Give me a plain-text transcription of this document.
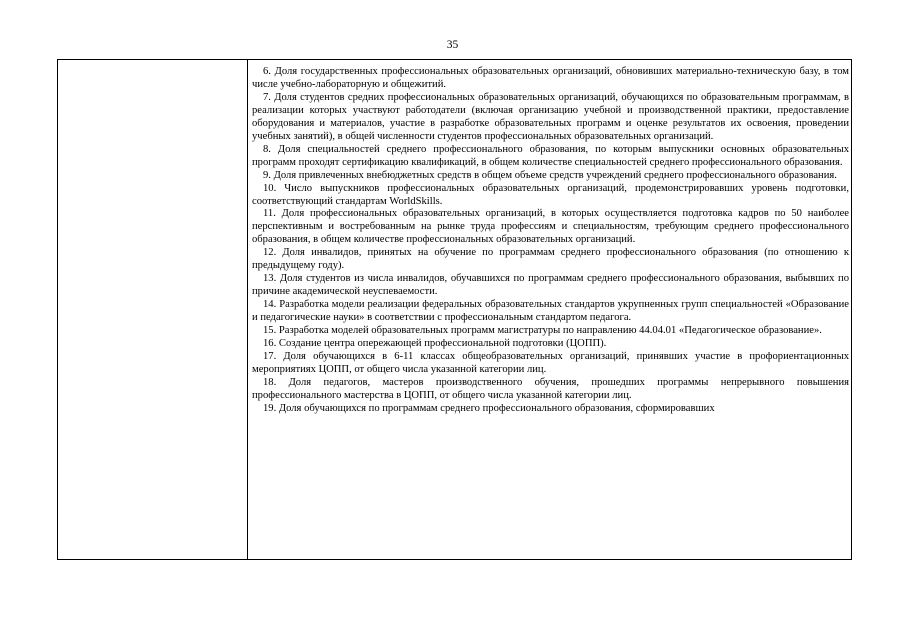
35

6. Доля государственных профессиональных образовательных организаций, обновивших материально-техническую базу, в том числе учебно-лабораторную и общежитий.

7. Доля студентов средних профессиональных образовательных организаций, обучающихся по образовательным программам, в реализации которых участвуют работодатели (включая организацию учебной и производственной практики, предоставление оборудования и материалов, участие в разработке образовательных программ и оценке результатов их освоения, проведении учебных занятий), в общей численности студентов профессиональных образовательных организаций.

8. Доля специальностей среднего профессионального образования, по которым выпускники основных образовательных программ проходят сертификацию квалификаций, в общем количестве специальностей среднего профессионального образования.

9. Доля привлеченных внебюджетных средств в общем объеме средств учреждений среднего профессионального образования.

10. Число выпускников профессиональных образовательных организаций, продемонстрировавших уровень подготовки, соответствующий стандартам WorldSkills.

11. Доля профессиональных образовательных организаций, в которых осуществляется подготовка кадров по 50 наиболее перспективным и востребованным на рынке труда профессиям и специальностям, требующим среднего профессионального образования, в общем количестве профессиональных образовательных организаций.

12. Доля инвалидов, принятых на обучение по программам среднего профессионального образования (по отношению к предыдущему году).

13. Доля студентов из числа инвалидов, обучавшихся по программам среднего профессионального образования, выбывших по причине академической неуспеваемости.

14. Разработка модели реализации федеральных образовательных стандартов укрупненных групп специальностей «Образование и педагогические науки» в соответствии с профессиональным стандартом педагога.

15. Разработка моделей образовательных программ магистратуры по направлению 44.04.01 «Педагогическое образование».

16. Создание центра опережающей профессиональной подготовки (ЦОПП).

17. Доля обучающихся в 6-11 классах общеобразовательных организаций, принявших участие в профориентационных мероприятиях ЦОПП, от общего числа указанной категории лиц.

18. Доля педагогов, мастеров производственного обучения, прошедших программы непрерывного повышения профессионального мастерства в ЦОПП, от общего числа указанной категории лиц.

19. Доля обучающихся по программам среднего профессионального образования, сформировавших
